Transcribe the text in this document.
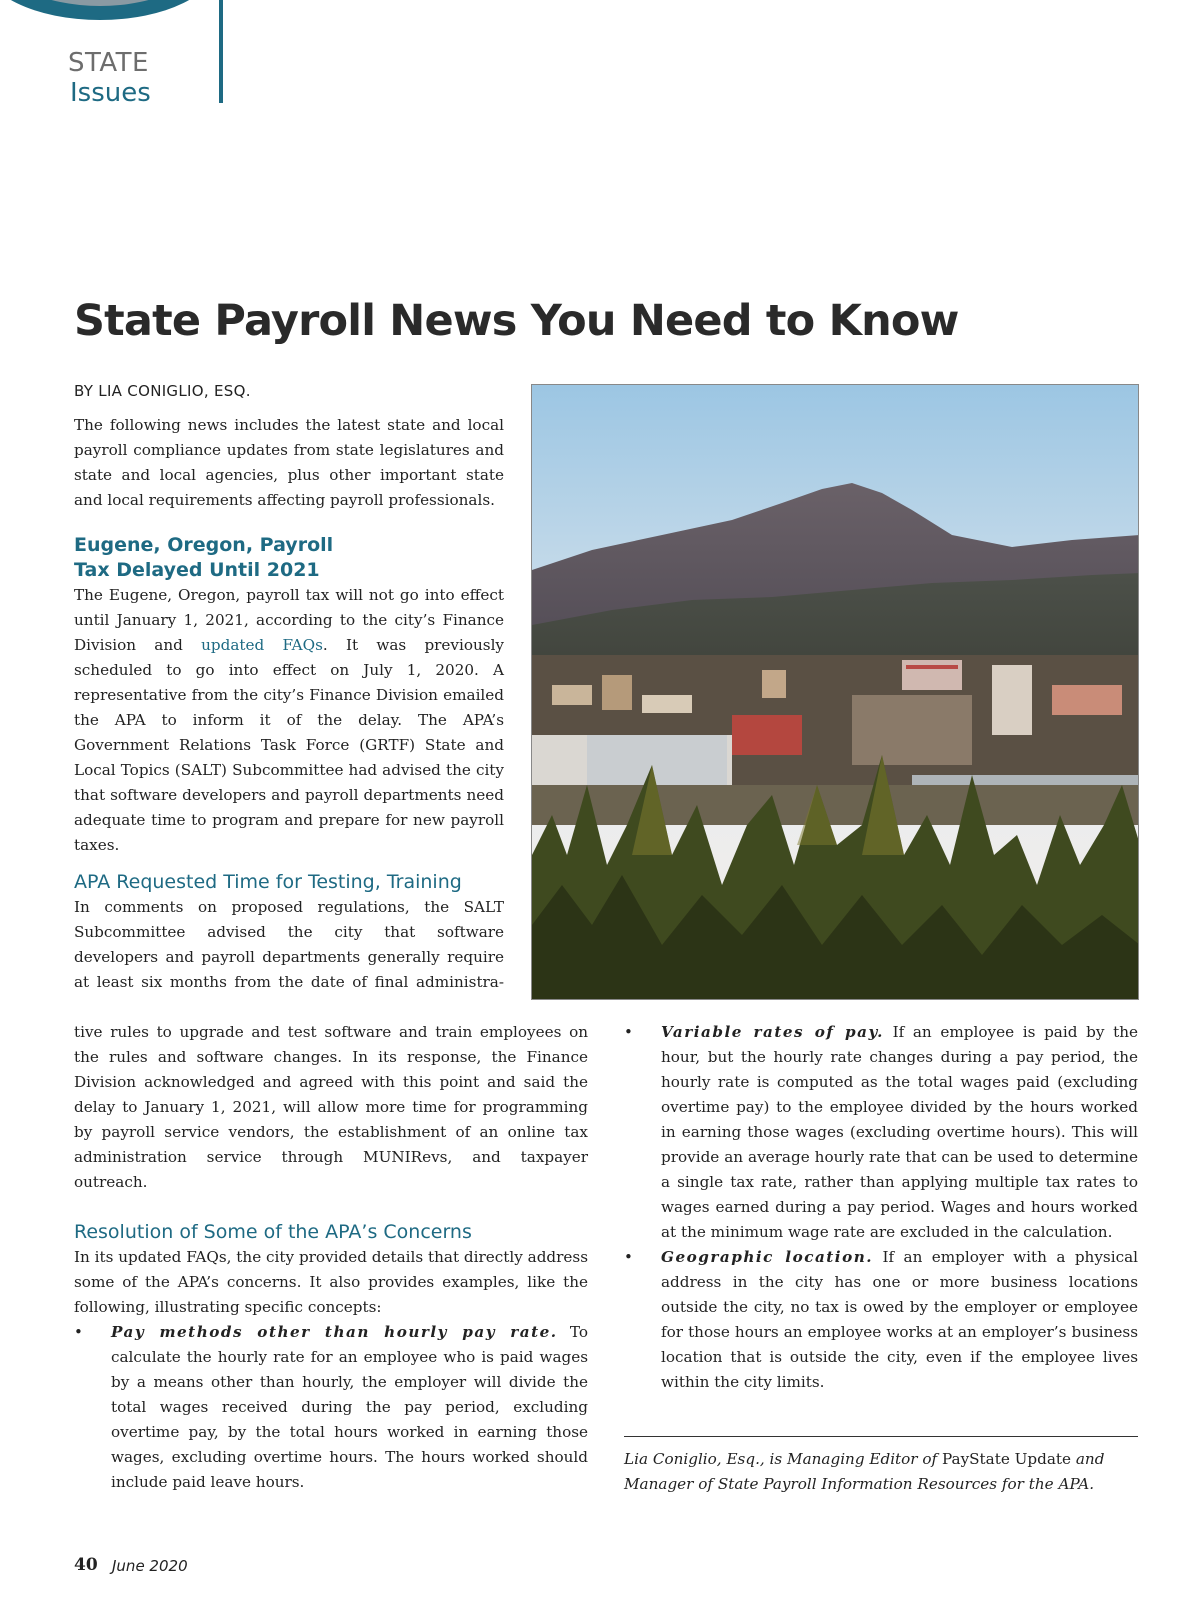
STATE
Issues
State Payroll News You Need to Know
BY LIA CONIGLIO, ESQ.

The following news includes the latest state and local payroll compliance updates from state legislatures and state and local agencies, plus other important state and local requirements affecting payroll professionals.

Eugene, Oregon, Payroll
Tax Delayed Until 2021

The Eugene, Oregon, payroll tax will not go into effect until January 1, 2021, according to the city’s Finance Division and updated FAQs. It was previously scheduled to go into effect on July 1, 2020. A representative from the city’s Finance Division emailed the APA to inform it of the delay. The APA’s Government Relations Task Force (GRTF) State and Local Topics (SALT) Subcommittee had advised the city that software developers and payroll departments need adequate time to program and prepare for new payroll taxes.

APA Requested Time for Testing, Training

In comments on proposed regulations, the SALT Subcommittee advised the city that software developers and payroll departments generally require at least six months from the date of final administra-

tive rules to upgrade and test software and train employees on the rules and software changes. In its response, the Finance Division acknowledged and agreed with this point and said the delay to January 1, 2021, will allow more time for programming by payroll service vendors, the establishment of an online tax administration service through MUNIRevs, and taxpayer outreach.

Resolution of Some of the APA’s Concerns

In its updated FAQs, the city provided details that directly address some of the APA’s concerns. It also provides examples, like the following, illustrating specific concepts:

• Pay methods other than hourly pay rate. To calculate the hourly rate for an employee who is paid wages by a means other than hourly, the employer will divide the total wages received during the pay period, excluding overtime pay, by the total hours worked in earning those wages, excluding overtime hours. The hours worked should include paid leave hours.
• Variable rates of pay. If an employee is paid by the hour, but the hourly rate changes during a pay period, the hourly rate is computed as the total wages paid (excluding overtime pay) to the employee divided by the hours worked in earning those wages (excluding overtime hours). This will provide an average hourly rate that can be used to determine a single tax rate, rather than applying multiple tax rates to wages earned during a pay period. Wages and hours worked at the minimum wage rate are excluded in the calculation.
• Geographic location. If an employer with a physical address in the city has one or more business locations outside the city, no tax is owed by the employer or employee for those hours an employee works at an employer’s business location that is outside the city, even if the employee lives within the city limits.

Lia Coniglio, Esq., is Managing Editor of PayState Update and Manager of State Payroll Information Resources for the APA.

40 June 2020
